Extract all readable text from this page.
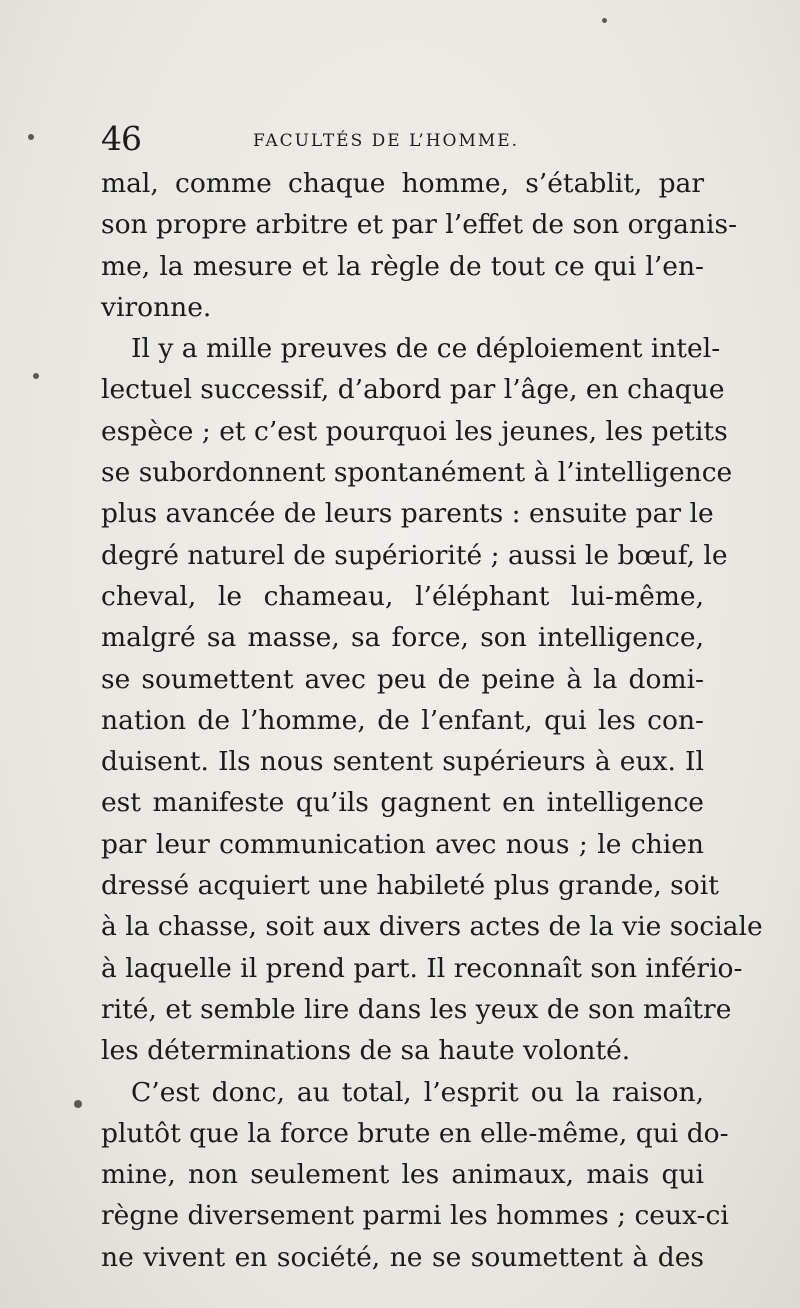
46	FACULTÉS DE L’HOMME.
mal, comme chaque homme, s’établit, par
son propre arbitre et par l’effet de son organis-
me, la mesure et la règle de tout ce qui l’en-
vironne.
Il y a mille preuves de ce déploiement intel-
lectuel successif, d’abord par l’âge, en chaque
espèce ; et c’est pourquoi les jeunes, les petits
se subordonnent spontanément à l’intelligence
plus avancée de leurs parents : ensuite par le
degré naturel de supériorité ; aussi le bœuf, le
cheval, le chameau, l’éléphant lui-même,
malgré sa masse, sa force, son intelligence,
se soumettent avec peu de peine à la domi-
nation de l’homme, de l’enfant, qui les con-
duisent. Ils nous sentent supérieurs à eux. Il
est manifeste qu’ils gagnent en intelligence
par leur communication avec nous ; le chien
dressé acquiert une habileté plus grande, soit
à la chasse, soit aux divers actes de la vie sociale
à laquelle il prend part. Il reconnaît son infério-
rité, et semble lire dans les yeux de son maître
les déterminations de sa haute volonté.
C’est donc, au total, l’esprit ou la raison,
plutôt que la force brute en elle-même, qui do-
mine, non seulement les animaux, mais qui
règne diversement parmi les hommes ; ceux-ci
ne vivent en société, ne se soumettent à des
